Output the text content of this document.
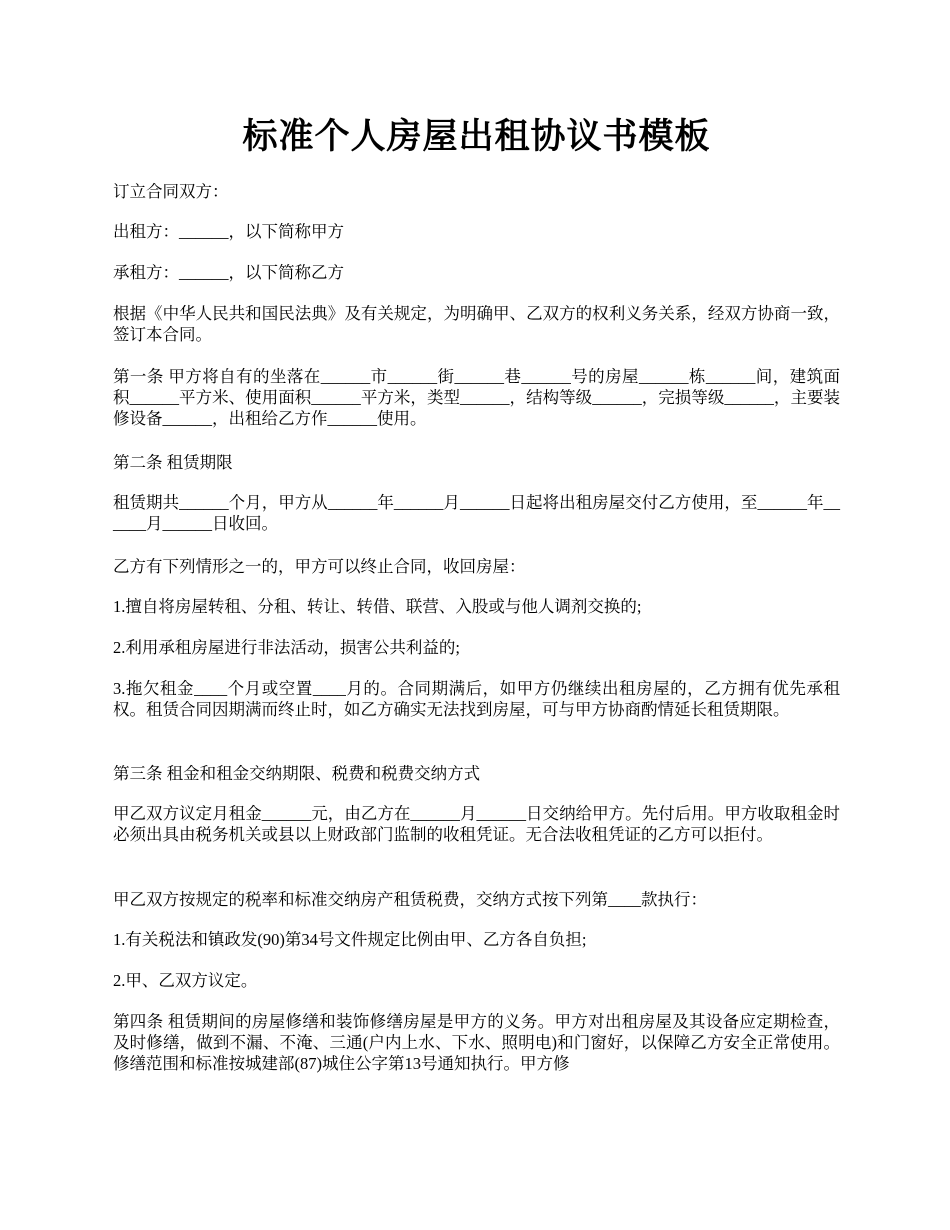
标准个人房屋出租协议书模板
订立合同双方：
出租方：______，以下简称甲方
承租方：______，以下简称乙方
根据《中华人民共和国民法典》及有关规定，为明确甲、乙双方的权利义务关系，经双方协商一致，签订本合同。
第一条 甲方将自有的坐落在______市______街______巷______号的房屋______栋______间，建筑面积______平方米、使用面积______平方米，类型______，结构等级______，完损等级______，主要装修设备______，出租给乙方作______使用。
第二条 租赁期限
租赁期共______个月，甲方从______年______月______日起将出租房屋交付乙方使用，至______年______月______日收回。
乙方有下列情形之一的，甲方可以终止合同，收回房屋：
1.擅自将房屋转租、分租、转让、转借、联营、入股或与他人调剂交换的;
2.利用承租房屋进行非法活动，损害公共利益的;
3.拖欠租金____个月或空置____月的。合同期满后，如甲方仍继续出租房屋的，乙方拥有优先承租权。租赁合同因期满而终止时，如乙方确实无法找到房屋，可与甲方协商酌情延长租赁期限。
第三条 租金和租金交纳期限、税费和税费交纳方式
甲乙双方议定月租金______元，由乙方在______月______日交纳给甲方。先付后用。甲方收取租金时必须出具由税务机关或县以上财政部门监制的收租凭证。无合法收租凭证的乙方可以拒付。
甲乙双方按规定的税率和标准交纳房产租赁税费，交纳方式按下列第____款执行：
1.有关税法和镇政发(90)第34号文件规定比例由甲、乙方各自负担;
2.甲、乙双方议定。
第四条 租赁期间的房屋修缮和装饰修缮房屋是甲方的义务。甲方对出租房屋及其设备应定期检查，及时修缮，做到不漏、不淹、三通(户内上水、下水、照明电)和门窗好，以保障乙方安全正常使用。修缮范围和标准按城建部(87)城住公字第13号通知执行。甲方修
